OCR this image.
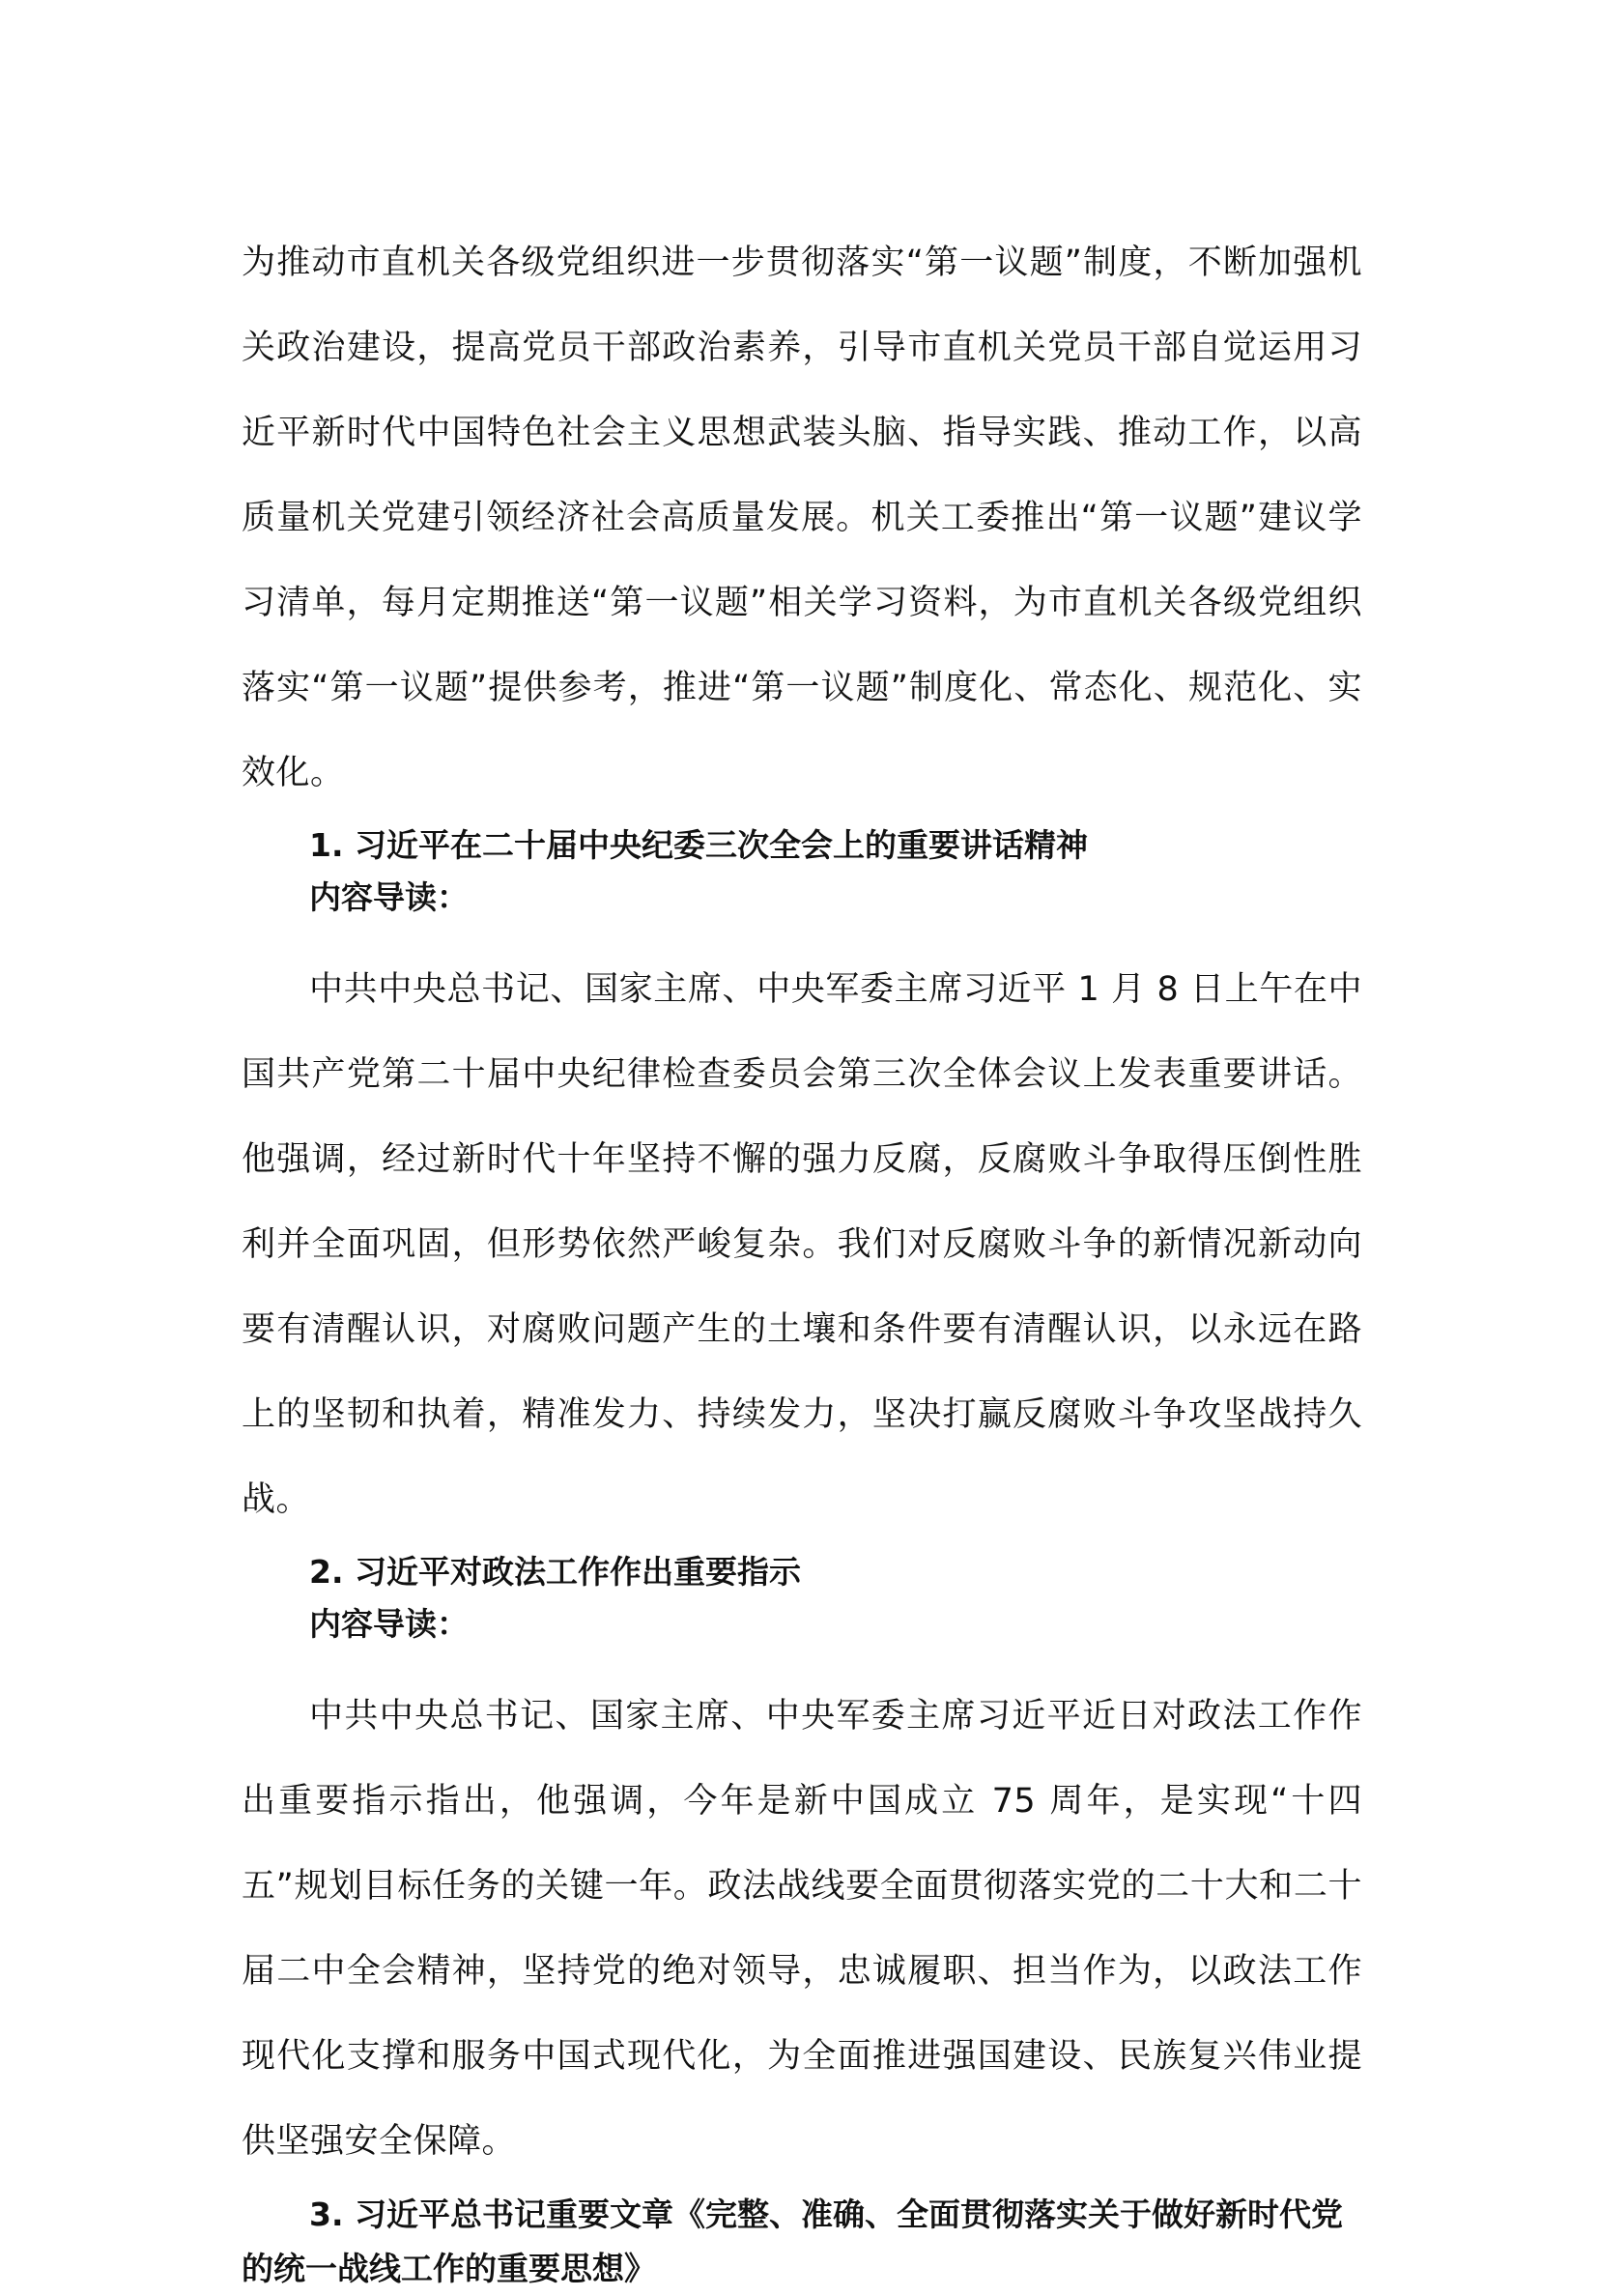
为推动市直机关各级党组织进一步贯彻落实“第一议题”制度，不断加强机关政治建设，提高党员干部政治素养，引导市直机关党员干部自觉运用习近平新时代中国特色社会主义思想武装头脑、指导实践、推动工作，以高质量机关党建引领经济社会高质量发展。机关工委推出“第一议题”建议学习清单，每月定期推送“第一议题”相关学习资料，为市直机关各级党组织落实“第一议题”提供参考，推进“第一议题”制度化、常态化、规范化、实效化。

1. 习近平在二十届中央纪委三次全会上的重要讲话精神

内容导读：

中共中央总书记、国家主席、中央军委主席习近平 1 月 8 日上午在中国共产党第二十届中央纪律检查委员会第三次全体会议上发表重要讲话。他强调，经过新时代十年坚持不懈的强力反腐，反腐败斗争取得压倒性胜利并全面巩固，但形势依然严峻复杂。我们对反腐败斗争的新情况新动向要有清醒认识，对腐败问题产生的土壤和条件要有清醒认识，以永远在路上的坚韧和执着，精准发力、持续发力，坚决打赢反腐败斗争攻坚战持久战。

2. 习近平对政法工作作出重要指示

内容导读：

中共中央总书记、国家主席、中央军委主席习近平近日对政法工作作出重要指示指出，他强调，今年是新中国成立 75 周年，是实现“十四五”规划目标任务的关键一年。政法战线要全面贯彻落实党的二十大和二十届二中全会精神，坚持党的绝对领导，忠诚履职、担当作为，以政法工作现代化支撑和服务中国式现代化，为全面推进强国建设、民族复兴伟业提供坚强安全保障。

3. 习近平总书记重要文章《完整、准确、全面贯彻落实关于做好新时代党的统一战线工作的重要思想》
